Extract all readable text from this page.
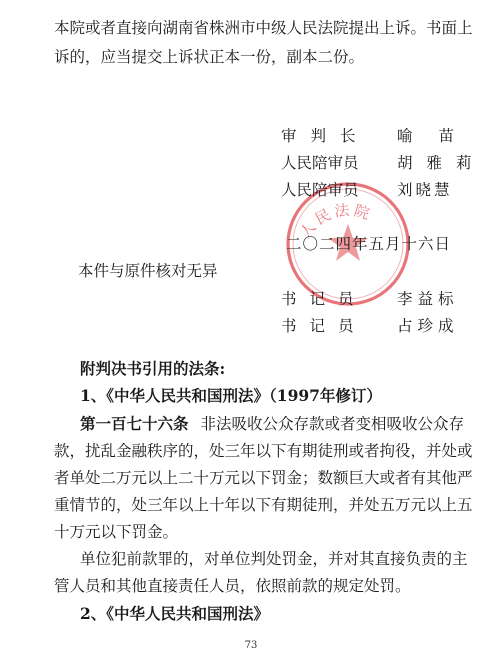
本院或者直接向湖南省株洲市中级人民法院提出上诉。书面上
诉的，应当提交上诉状正本一份，副本二份。
人民法院
审判长 喻苗
人民陪审员 胡雅莉
人民陪审员 刘晓慧
二〇二四年五月十六日
本件与原件核对无异
书记员 李益标
书记员 占珍成
附判决书引用的法条:
1、《中华人民共和国刑法》（1997年修订）
第一百七十六条 非法吸收公众存款或者变相吸收公众存
款，扰乱金融秩序的，处三年以下有期徒刑或者拘役，并处或
者单处二万元以上二十万元以下罚金；数额巨大或者有其他严
重情节的，处三年以上十年以下有期徒刑，并处五万元以上五
十万元以下罚金。
单位犯前款罪的，对单位判处罚金，并对其直接负责的主
管人员和其他直接责任人员，依照前款的规定处罚。
2、《中华人民共和国刑法》
73
